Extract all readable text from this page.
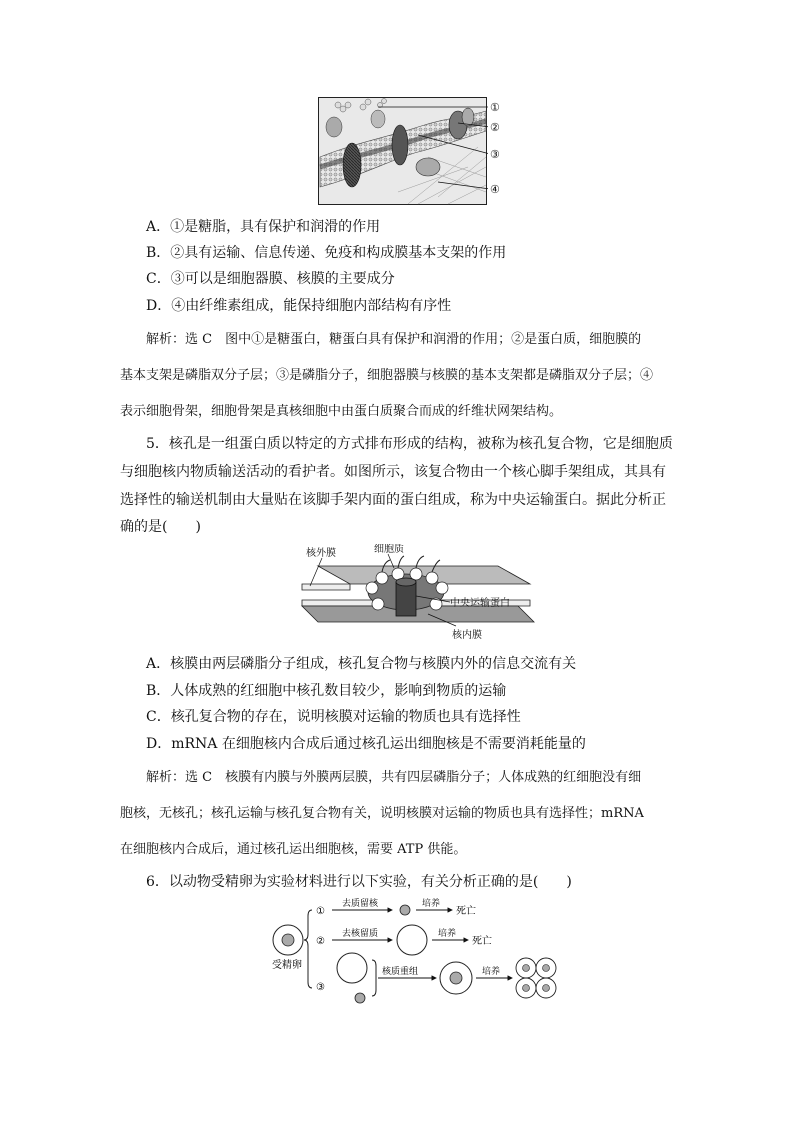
①
②
③
④
A．①是糖脂，具有保护和润滑的作用
B．②具有运输、信息传递、免疫和构成膜基本支架的作用
C．③可以是细胞器膜、核膜的主要成分
D．④由纤维素组成，能保持细胞内部结构有序性
解析：选 C　图中①是糖蛋白，糖蛋白具有保护和润滑的作用；②是蛋白质，细胞膜的
基本支架是磷脂双分子层；③是磷脂分子，细胞器膜与核膜的基本支架都是磷脂双分子层；④
表示细胞骨架，细胞骨架是真核细胞中由蛋白质聚合而成的纤维状网架结构。
5．核孔是一组蛋白质以特定的方式排布形成的结构，被称为核孔复合物，它是细胞质
与细胞核内物质输送活动的看护者。如图所示，该复合物由一个核心脚手架组成，其具有
选择性的输送机制由大量贴在该脚手架内面的蛋白组成，称为中央运输蛋白。据此分析正
确的是(　　)
核外膜	细胞质
中央运输蛋白
核内膜
A．核膜由两层磷脂分子组成，核孔复合物与核膜内外的信息交流有关
B．人体成熟的红细胞中核孔数目较少，影响到物质的运输
C．核孔复合物的存在，说明核膜对运输的物质也具有选择性
D．mRNA 在细胞核内合成后通过核孔运出细胞核是不需要消耗能量的
解析：选 C　核膜有内膜与外膜两层膜，共有四层磷脂分子；人体成熟的红细胞没有细
胞核，无核孔；核孔运输与核孔复合物有关，说明核膜对运输的物质也具有选择性；mRNA
在细胞核内合成后，通过核孔运出细胞核，需要 ATP 供能。
6．以动物受精卵为实验材料进行以下实验，有关分析正确的是(　　)
受精卵
①
②
③
去质留核	培养
死亡
去核留质	培养
死亡
核质重组	培养
